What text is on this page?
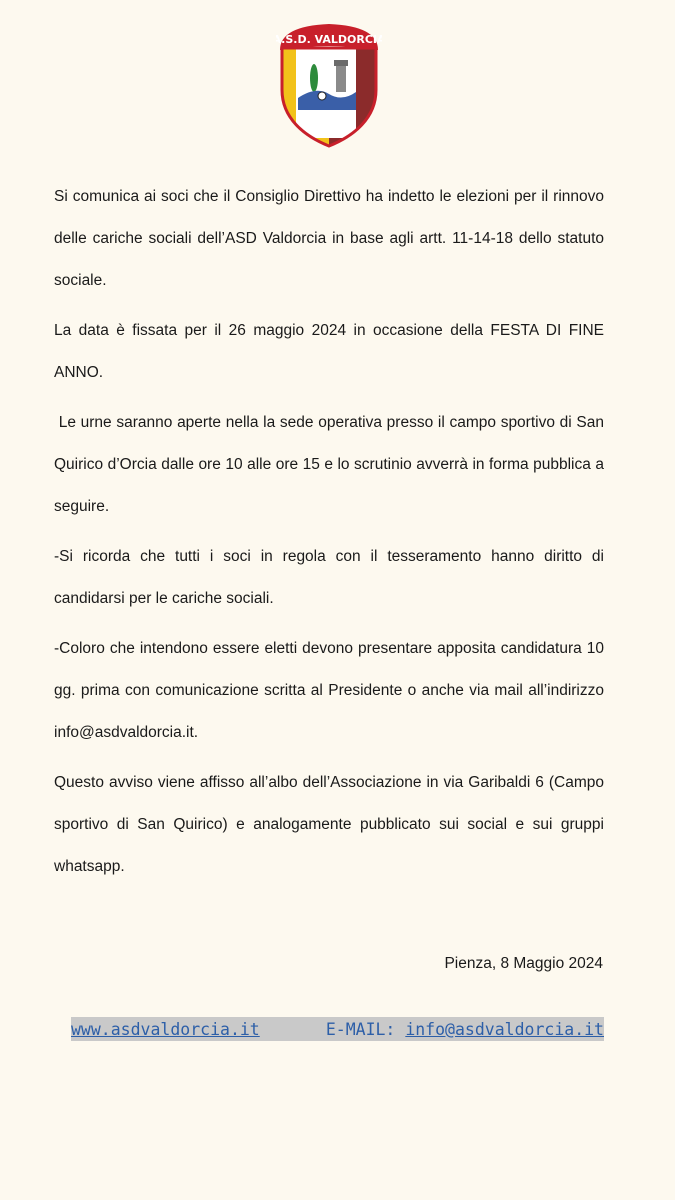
A.S.D. VALDORCIA

Si comunica ai soci che il Consiglio Direttivo ha indetto le elezioni per il rinnovo delle cariche sociali dell’ASD Valdorcia in base agli artt. 11-14-18 dello statuto sociale.

La data è fissata per il 26 maggio 2024 in occasione della FESTA DI FINE ANNO.

Le urne saranno aperte nella la sede operativa presso il campo sportivo di San Quirico d’Orcia dalle ore 10 alle ore 15 e lo scrutinio avverrà in forma pubblica a seguire.

-Si ricorda che tutti i soci in regola con il tesseramento hanno diritto di candidarsi per le cariche sociali.

-Coloro che intendono essere eletti devono presentare apposita candidatura 10 gg. prima con comunicazione scritta al Presidente o anche via mail all’indirizzo info@asdvaldorcia.it.

Questo avviso viene affisso all’albo dell’Associazione in via Garibaldi 6 (Campo sportivo di San Quirico) e analogamente pubblicato sui social e sui gruppi whatsapp.

Pienza, 8 Maggio 2024
www.asdvaldorcia.it	E-MAIL: info@asdvaldorcia.it
